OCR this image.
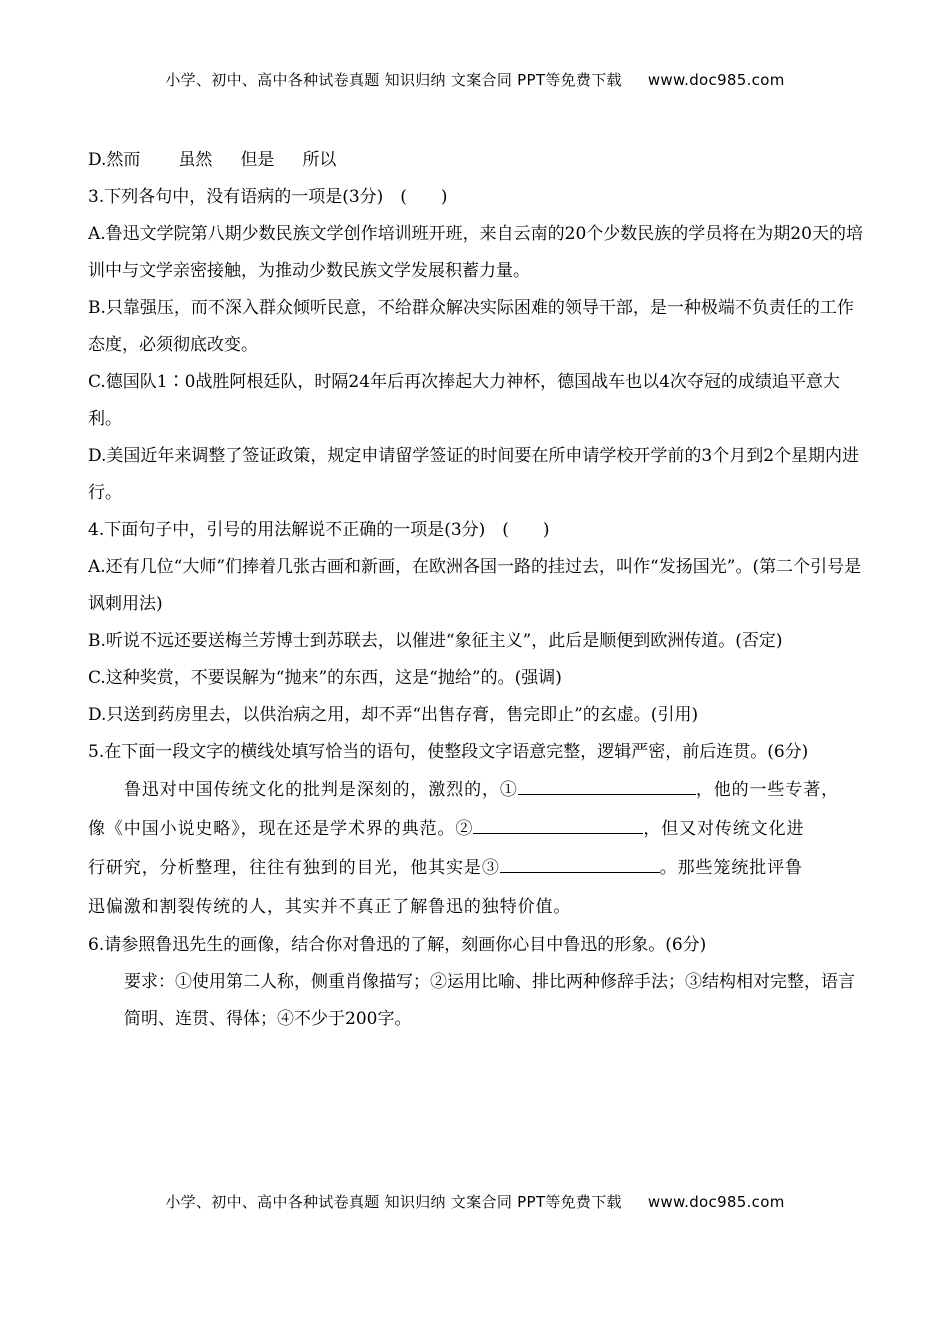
小学、初中、高中各种试卷真题 知识归纳 文案合同 PPT等免费下载 www.doc985.com
D.然而 虽然 但是 所以
3.下列各句中，没有语病的一项是(3分)　(　　)
A.鲁迅文学院第八期少数民族文学创作培训班开班，来自云南的20个少数民族的学员将在为期20天的培训中与文学亲密接触，为推动少数民族文学发展积蓄力量。
B.只靠强压，而不深入群众倾听民意，不给群众解决实际困难的领导干部，是一种极端不负责任的工作态度，必须彻底改变。
C.德国队1∶0战胜阿根廷队，时隔24年后再次捧起大力神杯，德国战车也以4次夺冠的成绩追平意大利。
D.美国近年来调整了签证政策，规定申请留学签证的时间要在所申请学校开学前的3个月到2个星期内进行。
4.下面句子中，引号的用法解说不正确的一项是(3分)　(　　)
A.还有几位“大师”们捧着几张古画和新画，在欧洲各国一路的挂过去，叫作“发扬国光”。(第二个引号是讽刺用法)
B.听说不远还要送梅兰芳博士到苏联去，以催进“象征主义”，此后是顺便到欧洲传道。(否定)
C.这种奖赏，不要误解为“抛来”的东西，这是“抛给”的。(强调)
D.只送到药房里去，以供治病之用，却不弄“出售存膏，售完即止”的玄虚。(引用)
5.在下面一段文字的横线处填写恰当的语句，使整段文字语意完整，逻辑严密，前后连贯。(6分)
鲁迅对中国传统文化的批判是深刻的，激烈的，①	，他的一些专著，
像《中国小说史略》，现在还是学术界的典范。②	，但又对传统文化进
行研究，分析整理，往往有独到的目光，他其实是③	。那些笼统批评鲁
迅偏激和割裂传统的人，其实并不真正了解鲁迅的独特价值。
6.请参照鲁迅先生的画像，结合你对鲁迅的了解，刻画你心目中鲁迅的形象。(6分)
要求：①使用第二人称，侧重肖像描写；②运用比喻、排比两种修辞手法；③结构相对完整，语言简明、连贯、得体；④不少于200字。
小学、初中、高中各种试卷真题 知识归纳 文案合同 PPT等免费下载 www.doc985.com
